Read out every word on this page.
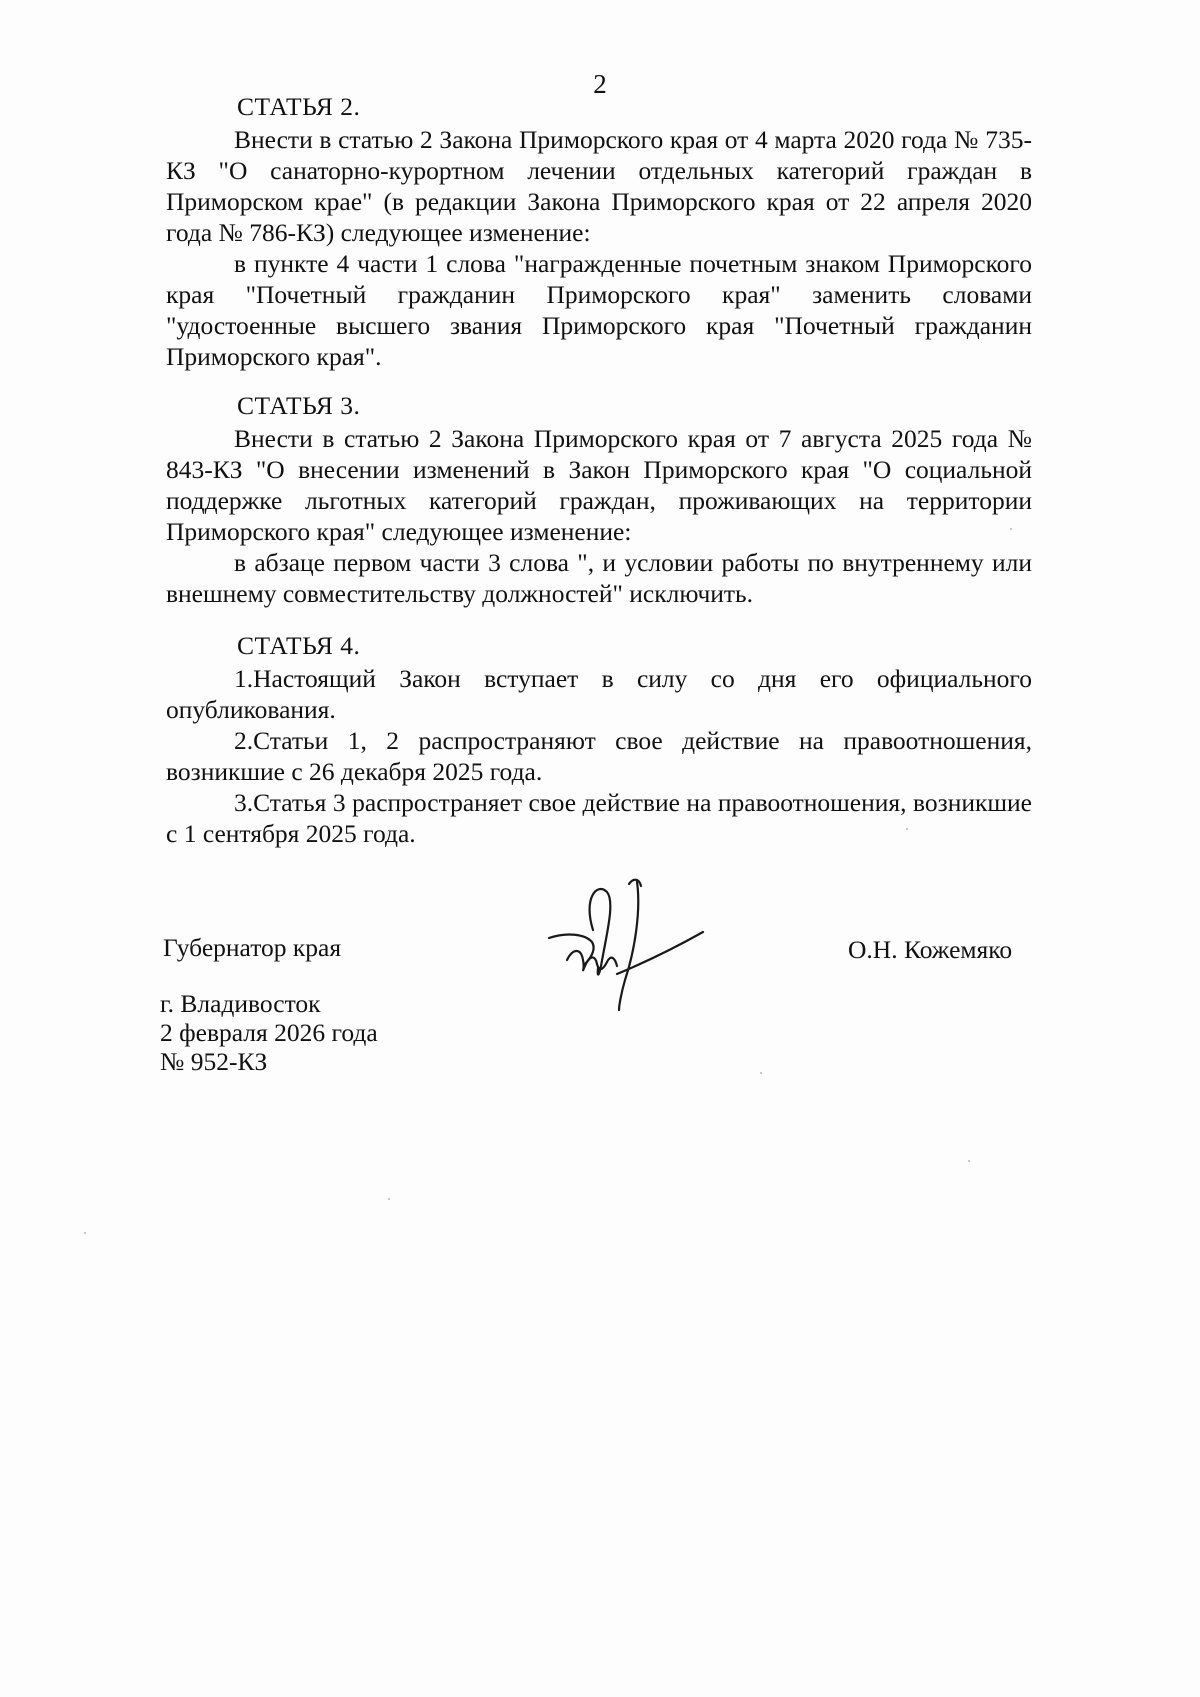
2
СТАТЬЯ 2.

Внести в статью 2 Закона Приморского края от 4 марта 2020 года № 735-КЗ "О санаторно-курортном лечении отдельных категорий граждан в Приморском крае" (в редакции Закона Приморского края от 22 апреля 2020 года № 786-КЗ) следующее изменение:

в пункте 4 части 1 слова "награжденные почетным знаком Приморского края "Почетный гражданин Приморского края" заменить словами "удостоенные высшего звания Приморского края "Почетный гражданин Приморского края".

СТАТЬЯ 3.

Внести в статью 2 Закона Приморского края от 7 августа 2025 года № 843-КЗ "О внесении изменений в Закон Приморского края "О социальной поддержке льготных категорий граждан, проживающих на территории Приморского края" следующее изменение:

в абзаце первом части 3 слова ", и условии работы по внутреннему или внешнему совместительству должностей" исключить.

СТАТЬЯ 4.

1.Настоящий Закон вступает в силу со дня его официального опубликования.

2.Статьи 1, 2 распространяют свое действие на правоотношения, возникшие с 26 декабря 2025 года.

3.Статья 3 распространяет свое действие на правоотношения, возникшие с 1 сентября 2025 года.

Губернатор края	О.Н. Кожемяко
г. Владивосток
2 февраля 2026 года
№ 952-КЗ
